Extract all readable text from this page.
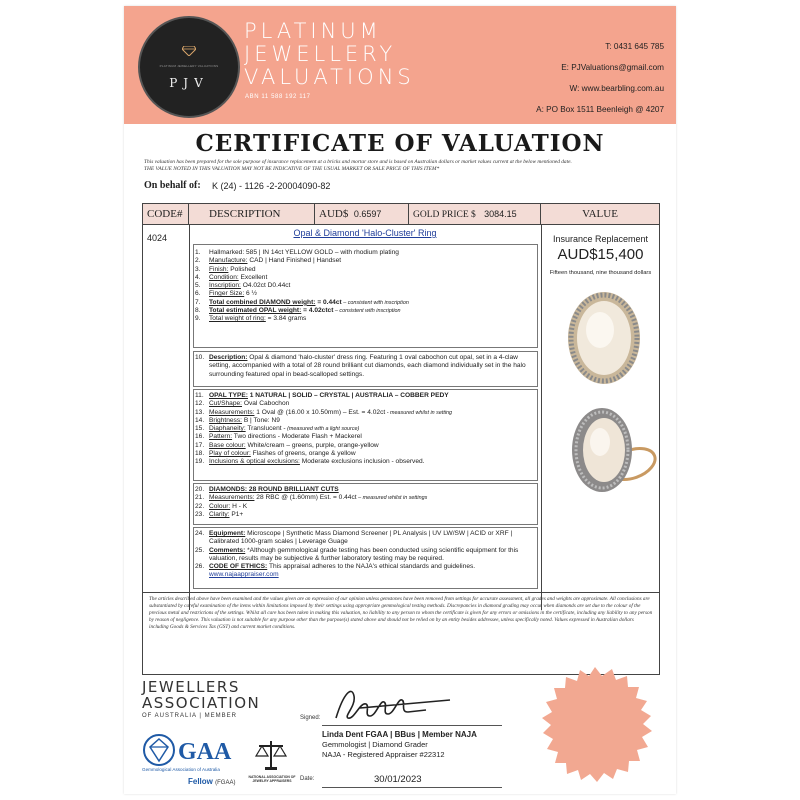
PLATINUM JEWELLERY VALUATIONS
PJV
PLATINUM
JEWELLERY
VALUATIONS
ABN 11 588 192 117
T: 0431 645 785
E: PJValuations@gmail.com
W: www.bearbling.com.au
A: PO Box 1511 Beenleigh @ 4207
CERTIFICATE OF VALUATION
This valuation has been prepared for the sole purpose of insurance replacement at a bricks and mortar store and is based on Australian dollars or market values current at the below mentioned date.
THE VALUE NOTED IN THIS VALUATION MAY NOT BE INDICATIVE OF THE USUAL MARKET OR SALE PRICE OF THIS ITEM*
On behalf of: K (24) - 1126 -2-20004090-82
CODE#	DESCRIPTION	AUD$ 0.6597	GOLD PRICE $ 3084.15	VALUE
4024	Opal & Diamond 'Halo-Cluster' Ring
1.	Hallmarked: 585 | IN 14ct YELLOW GOLD – with rhodium plating
2.	Manufacture: CAD | Hand Finished | Handset
3.	Finish: Polished
4.	Condition: Excellent
5.	Inscription: O4.02ct D0.44ct
6.	Finger Size: 6 ½
7.	Total combined DIAMOND weight: = 0.44ct – consistent with inscription
8.	Total estimated OPAL weight: = 4.02ctct – consistent with inscription
9.	Total weight of ring: = 3.84 grams
10. Description: Opal & diamond 'halo-cluster' dress ring. Featuring 1 oval cabochon cut opal, set in a 4-claw setting, accompanied with a total of 28 round brilliant cut diamonds, each diamond individually set in the halo surrounding featured opal in bead-scalloped settings.
11. OPAL TYPE: 1 NATURAL | SOLID – CRYSTAL | AUSTRALIA – COBBER PEDY
12. Cut/Shape: Oval Cabochon
13. Measurements: 1 Oval @ (16.00 x 10.50mm) – Est. = 4.02ct - measured whilst in setting
14. Brightness: B | Tone: N9
15. Diaphaneity: Translucent - (measured with a light source)
16. Pattern: Two directions - Moderate Flash + Mackerel
17. Base colour: White/cream – greens, purple, orange-yellow
18. Play of colour: Flashes of greens, orange & yellow
19. Inclusions & optical exclusions: Moderate exclusions inclusion - observed.
20. DIAMONDS: 28 ROUND BRILLIANT CUTS
21. Measurements: 28 RBC @ (1.60mm) Est. = 0.44ct – measured whilst in settings
22. Colour: H - K
23. Clarity: P1+
24. Equipment: Microscope | Synthetic Mass Diamond Screener | PL Analysis | UV LW/SW | ACID or XRF | Calibrated 1000-gram scales | Leverage Guage
25. Comments: *Although gemmological grade testing has been conducted using scientific equipment for this valuation, results may be subjective & further laboratory testing may be required.
26. CODE OF ETHICS: This appraisal adheres to the NAJA's ethical standards and guidelines.
www.najaappraiser.com
Insurance Replacement
AUD$15,400
Fifteen thousand, nine thousand dollars
The articles described above have been examined and the values given are an expression of our opinion unless gemstones have been removed from settings for accurate assessment, all grades and weights are approximate. All conclusions are substantiated by careful examination of the items within limitations imposed by their settings using appropriate gemmological testing methods. Discrepancies in diamond grading may occur when diamonds are set due to the colour of the precious metal and restrictions of the settings. Whilst all care has been taken in making this valuation, no liability to any person to whom the certificate is given for any errors or omissions in the certificate, including any liability to any person by reason of negligence. This valuation is not suitable for any purpose other than the purpose(s) stated above and should not be relied on by an entity besides addressee, unless specifically noted. Values expressed in Australian dollars including Goods & Services Tax (GST) and current market conditions.
JEWELLERS
ASSOCIATION
OF AUSTRALIA | MEMBER	Signed:
Linda Dent FGAA | BBus | Member NAJA
Gemmologist | Diamond Grader
NAJA - Registered Appraiser #22312
GAA
Gemmological Association of Australia
Fellow (FGAA)
NATIONAL ASSOCIATION OF JEWELRY APPRAISERS	Date:	30/01/2023
